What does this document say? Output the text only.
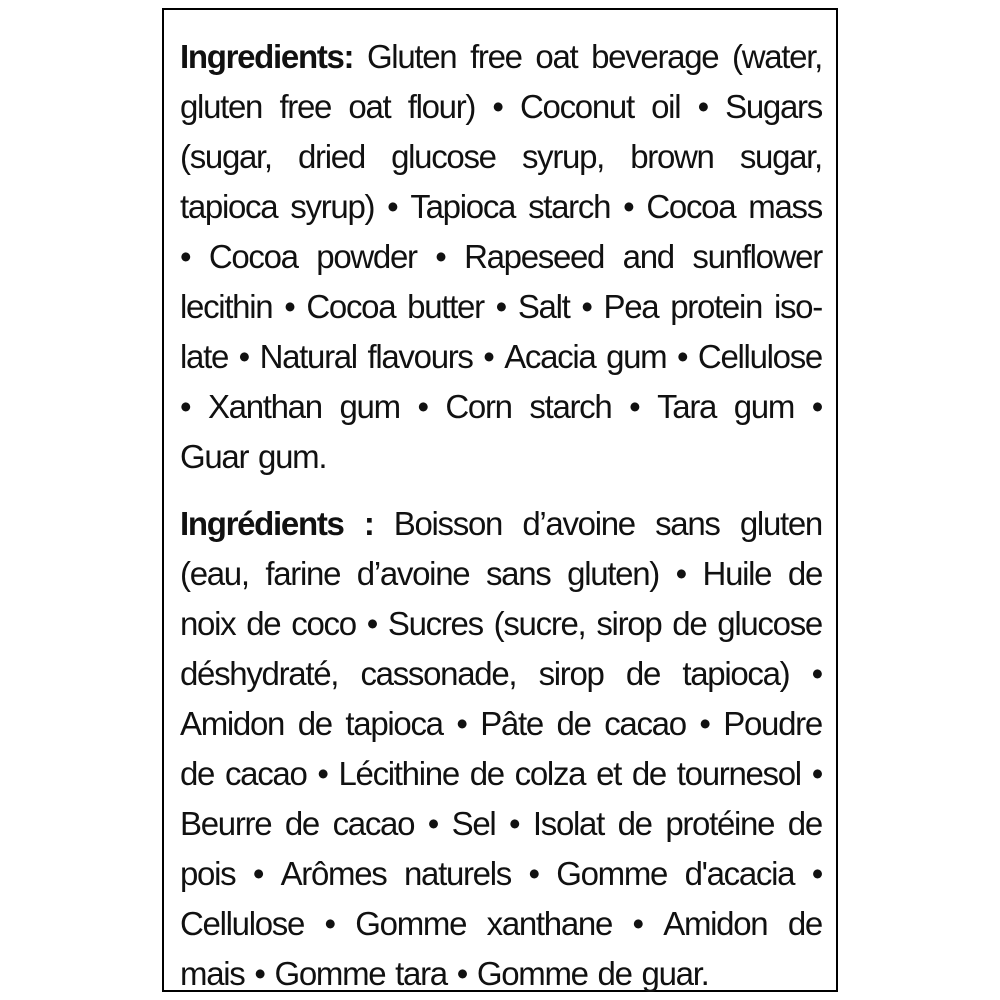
Ingredients: Gluten free oat beverage (water,
gluten free oat flour) • Coconut oil • Sugars
(sugar, dried glucose syrup, brown sugar,
tapioca syrup) • Tapioca starch • Cocoa mass
• Cocoa powder • Rapeseed and sunflower
lecithin • Cocoa butter • Salt • Pea protein iso-
late • Natural flavours • Acacia gum • Cellulose
• Xanthan gum • Corn starch • Tara gum •
Guar gum.
Ingrédients : Boisson d’avoine sans gluten
(eau, farine d’avoine sans gluten) • Huile de
noix de coco • Sucres (sucre, sirop de glucose
déshydraté, cassonade, sirop de tapioca) •
Amidon de tapioca • Pâte de cacao • Poudre
de cacao • Lécithine de colza et de tournesol •
Beurre de cacao • Sel • Isolat de protéine de
pois • Arômes naturels • Gomme d'acacia •
Cellulose • Gomme xanthane • Amidon de
mais • Gomme tara • Gomme de guar.
